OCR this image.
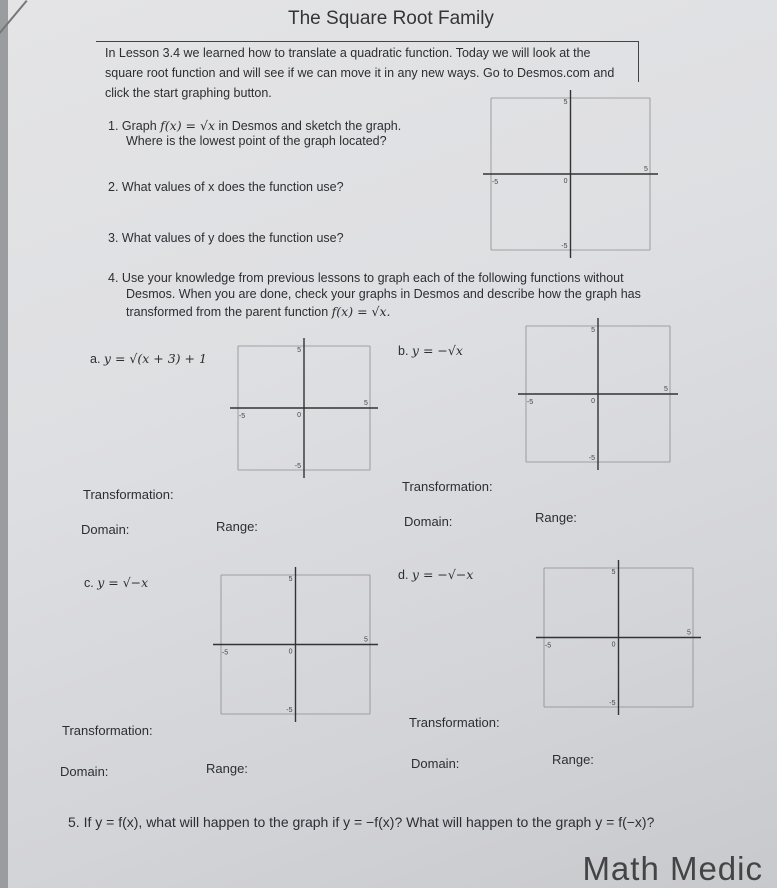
The Square Root Family
In Lesson 3.4 we learned how to translate a quadratic function. Today we will look at the
square root function and will see if we can move it in any new ways. Go to Desmos.com and
click the start graphing button.
1. Graph f(x) = √x in Desmos and sketch the graph.
Where is the lowest point of the graph located?
2. What values of x does the function use?
3. What values of y does the function use?
4. Use your knowledge from previous lessons to graph each of the following functions without
Desmos. When you are done, check your graphs in Desmos and describe how the graph has
transformed from the parent function f(x) = √x.
a. y = √(x + 3) + 1
Transformation:
Domain:	Range:
b. y = −√x
Transformation:
Domain:	Range:
c. y = √−x
Transformation:
Domain:	Range:
d. y = −√−x
Transformation:
Domain:	Range:
5. If y = f(x), what will happen to the graph if y = −f(x)? What will happen to the graph y = f(−x)?
Math Medic
5
-5	0
5
-5
5
-5	0
5
-5
5
-5	0
5
-5
5
-5	0
5
-5
5
-5	0
5
-5
